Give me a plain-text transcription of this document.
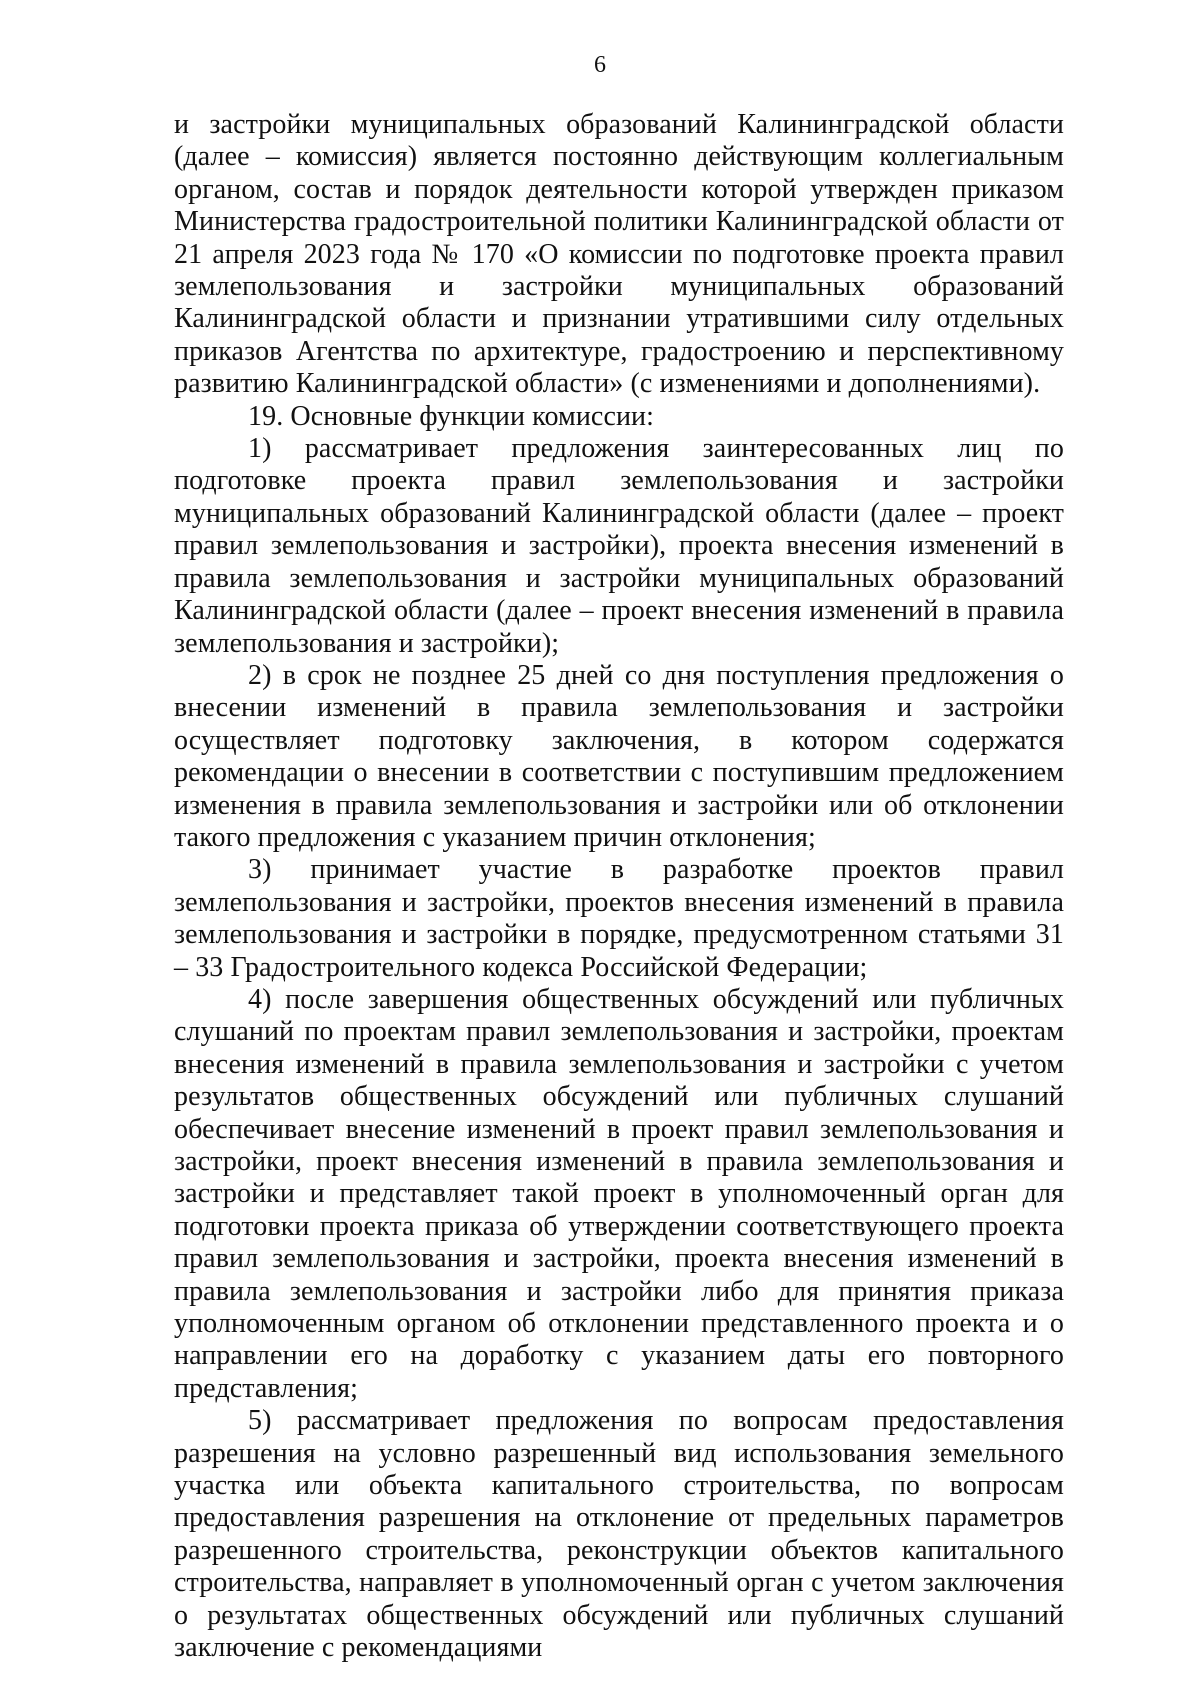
6

и застройки муниципальных образований Калининградской области (далее – комиссия) является постоянно действующим коллегиальным органом, состав и порядок деятельности которой утвержден приказом Министерства градостроительной политики Калининградской области от 21 апреля 2023 года № 170 «О комиссии по подготовке проекта правил землепользования и застройки муниципальных образований Калининградской области и признании утратившими силу отдельных приказов Агентства по архитектуре, градостроению и перспективному развитию Калининградской области» (с изменениями и дополнениями).

19. Основные функции комиссии:

1) рассматривает предложения заинтересованных лиц по подготовке проекта правил землепользования и застройки муниципальных образований Калининградской области (далее – проект правил землепользования и застройки), проекта внесения изменений в правила землепользования и застройки муниципальных образований Калининградской области (далее – проект внесения изменений в правила землепользования и застройки);

2) в срок не позднее 25 дней со дня поступления предложения о внесении изменений в правила землепользования и застройки осуществляет подготовку заключения, в котором содержатся рекомендации о внесении в соответствии с поступившим предложением изменения в правила землепользования и застройки или об отклонении такого предложения с указанием причин отклонения;

3) принимает участие в разработке проектов правил землепользования и застройки, проектов внесения изменений в правила землепользования и застройки в порядке, предусмотренном статьями 31 – 33 Градостроительного кодекса Российской Федерации;

4) после завершения общественных обсуждений или публичных слушаний по проектам правил землепользования и застройки, проектам внесения изменений в правила землепользования и застройки с учетом результатов общественных обсуждений или публичных слушаний обеспечивает внесение изменений в проект правил землепользования и застройки, проект внесения изменений в правила землепользования и застройки и представляет такой проект в уполномоченный орган для подготовки проекта приказа об утверждении соответствующего проекта правил землепользования и застройки, проекта внесения изменений в правила землепользования и застройки либо для принятия приказа уполномоченным органом об отклонении представленного проекта и о направлении его на доработку с указанием даты его повторного представления;

5) рассматривает предложения по вопросам предоставления разрешения на условно разрешенный вид использования земельного участка или объекта капитального строительства, по вопросам предоставления разрешения на отклонение от предельных параметров разрешенного строительства, реконструкции объектов капитального строительства, направляет в уполномоченный орган с учетом заключения о результатах общественных обсуждений или публичных слушаний заключение с рекомендациями
